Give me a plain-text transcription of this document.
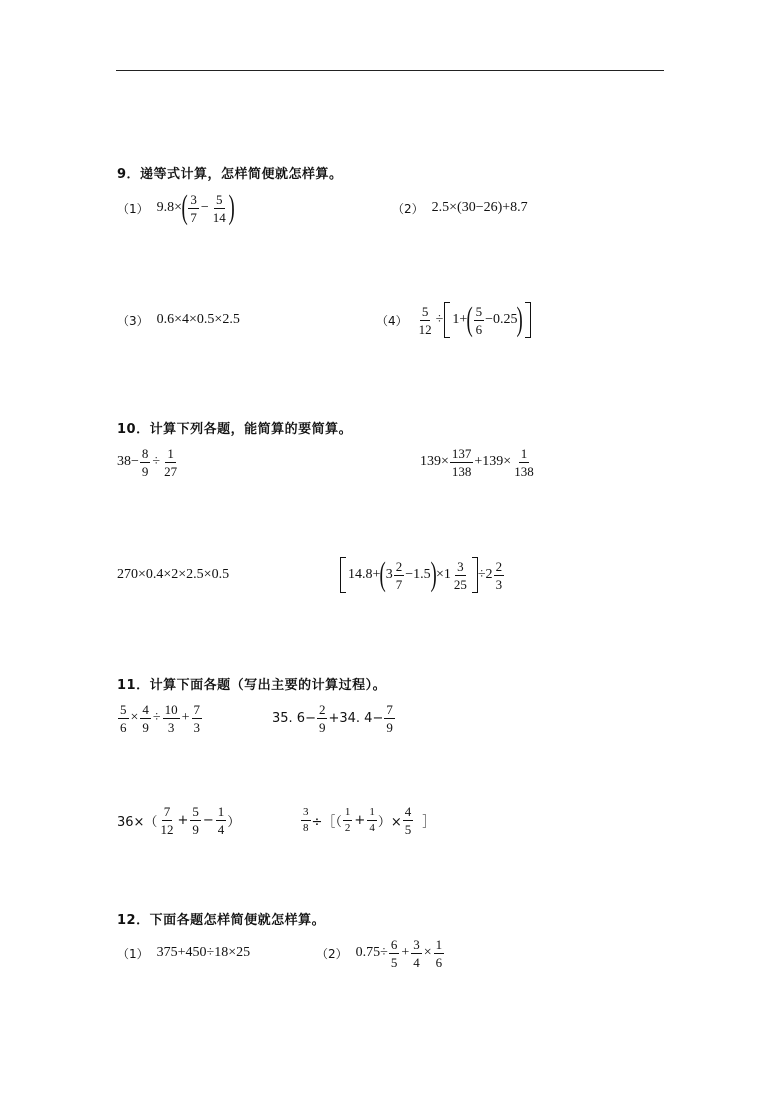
9．递等式计算，怎样简便就怎样算。
（1） 9.8× ( $\frac{3}{7} - \frac{5}{14}$ )	（2） 2.5×(30−26)+8.7
（3） 0.6×4×0.5×2.5	$(4) \frac{5}{12} \div 1+$ ( $\frac{5}{6} -0.25$ )
10．计算下列各题，能简算的要简算。
$38- \frac{8}{9} \div \frac{1}{27}$	$139\times \frac{137}{138} +139\times \frac{1}{138}$
270×0.4×2×2.5×0.5	14.8+ ( $3 \frac{2}{7} -1.5$ ) $\times 1 \frac{3}{25} \div 2 \frac{2}{3}$
11．计算下面各题（写出主要的计算过程）。
$\frac{5}{6} \times \frac{4}{9} \div \frac{10}{3} + \frac{7}{3}$	35. $6- \frac{2}{9} +34$. $4- \frac{7}{9}$
$36\times( \frac{7}{12} + \frac{5}{9} - \frac{1}{4}$ ）	$\frac{3}{8}$ ÷［（ $\frac{1}{2} + \frac{1}{4}$ ）× $\frac{4}{5}$ ］
12．下面各题怎样简便就怎样算。
（1） 375+450÷18×25	（2） $0.75\div \frac{6}{5} + \frac{3}{4} \times \frac{1}{6}$
